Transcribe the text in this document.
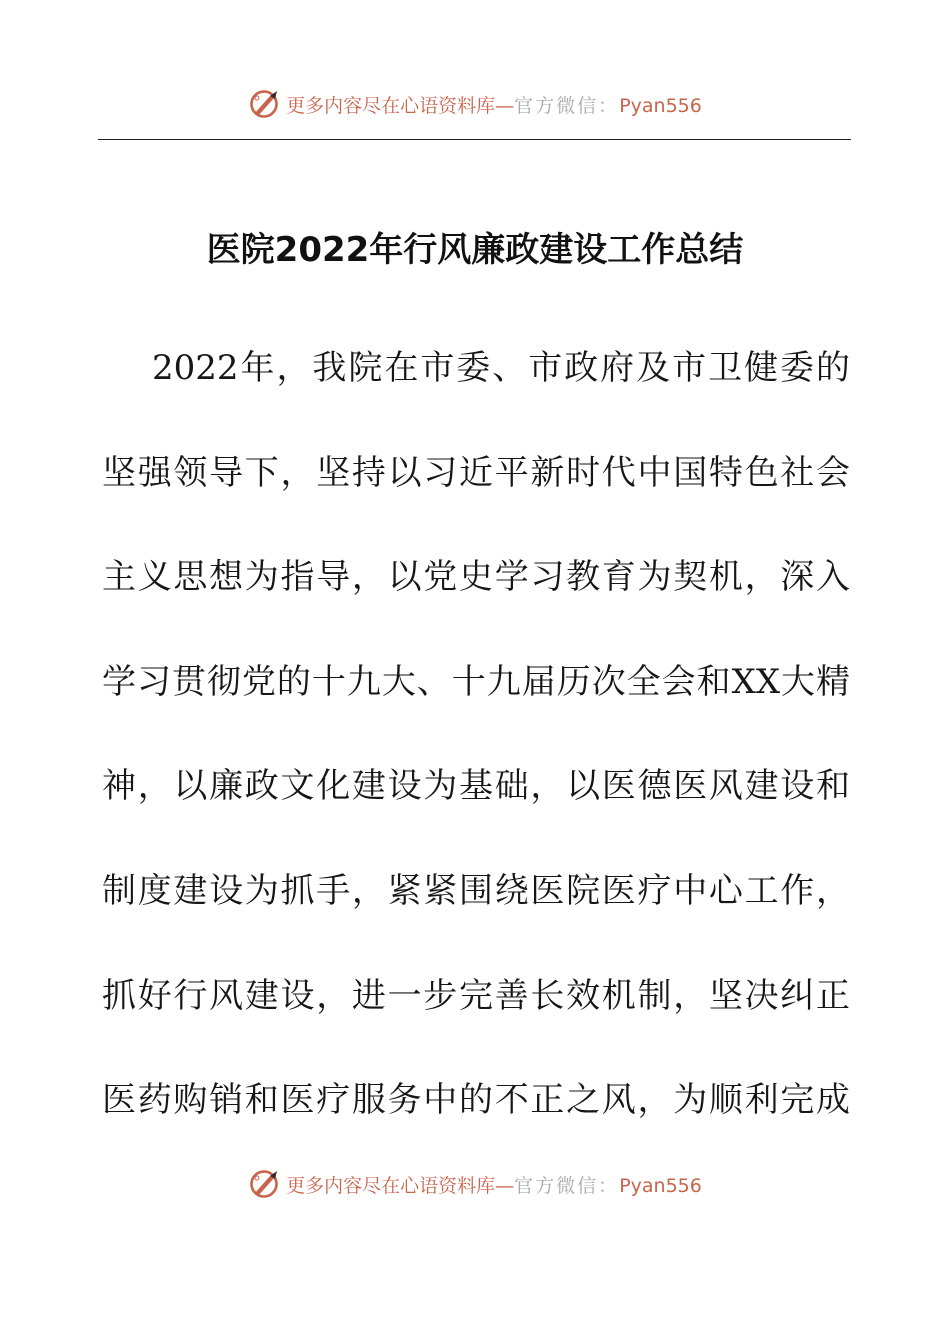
更多内容尽在心语资料库—官方微信：Pyan556
医院2022年行风廉政建设工作总结
2022年，我院在市委、市政府及市卫健委的
坚强领导下，坚持以习近平新时代中国特色社会
主义思想为指导，以党史学习教育为契机，深入
学习贯彻党的十九大、十九届历次全会和XX大精
神，以廉政文化建设为基础，以医德医风建设和
制度建设为抓手，紧紧围绕医院医疗中心工作，
抓好行风建设，进一步完善长效机制，坚决纠正
医药购销和医疗服务中的不正之风，为顺利完成
更多内容尽在心语资料库—官方微信：Pyan556
